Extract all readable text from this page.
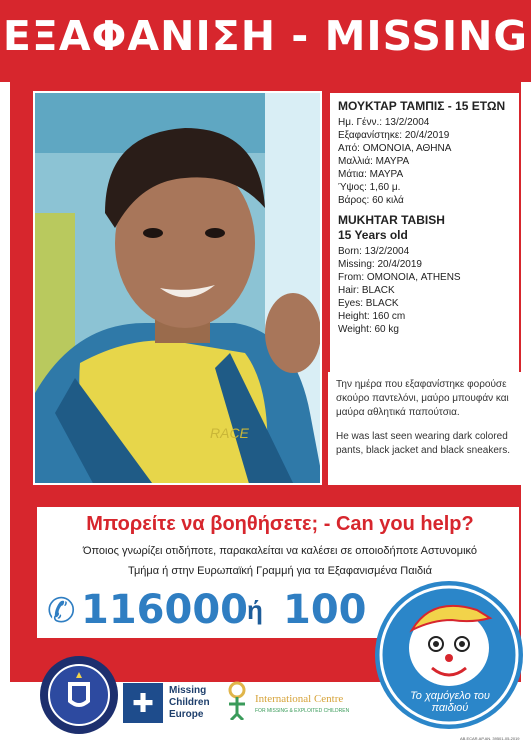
ΕΞΑΦΑΝΙΣΗ - MISSING
RACE
ΜΟΥΚΤΑΡ ΤΑΜΠΙΣ - 15 ΕΤΩΝ
Ημ. Γένν.: 13/2/2004
Εξαφανίστηκε: 20/4/2019
Από: ΟΜΟΝΟΙΑ, ΑΘΗΝΑ
Μαλλιά: ΜΑΥΡΑ
Μάτια: ΜΑΥΡΑ
Ύψος: 1,60 μ.
Βάρος: 60 κιλά
MUKHTAR TABISH
15 Years old
Born: 13/2/2004
Missing: 20/4/2019
From: ΟΜΟΝΟΙΑ, ATHENS
Hair: BLACK
Eyes: BLACK
Height: 160 cm
Weight: 60 kg
Την ημέρα που εξαφανίστηκε φορούσε σκούρο παντελόνι, μαύρο μπουφάν και μαύρα αθλητικά παπούτσια.
He was last seen wearing dark colored pants, black jacket and black sneakers.
Μπορείτε να βοηθήσετε; - Can you help?
Όποιος γνωρίζει οτιδήποτε, παρακαλείται να καλέσει σε οποιοδήποτε Αστυνομικό
Τμήμα ή στην Ευρωπαϊκή Γραμμή για τα Εξαφανισμένα Παιδιά
✆ 116000 ή 100
✚	Missing
Children
Europe
International Centre
FOR MISSING & EXPLOITED CHILDREN
Το χαμόγελο του παιδιού
AB.ECAR.AP.AN. 39501-05-2019
